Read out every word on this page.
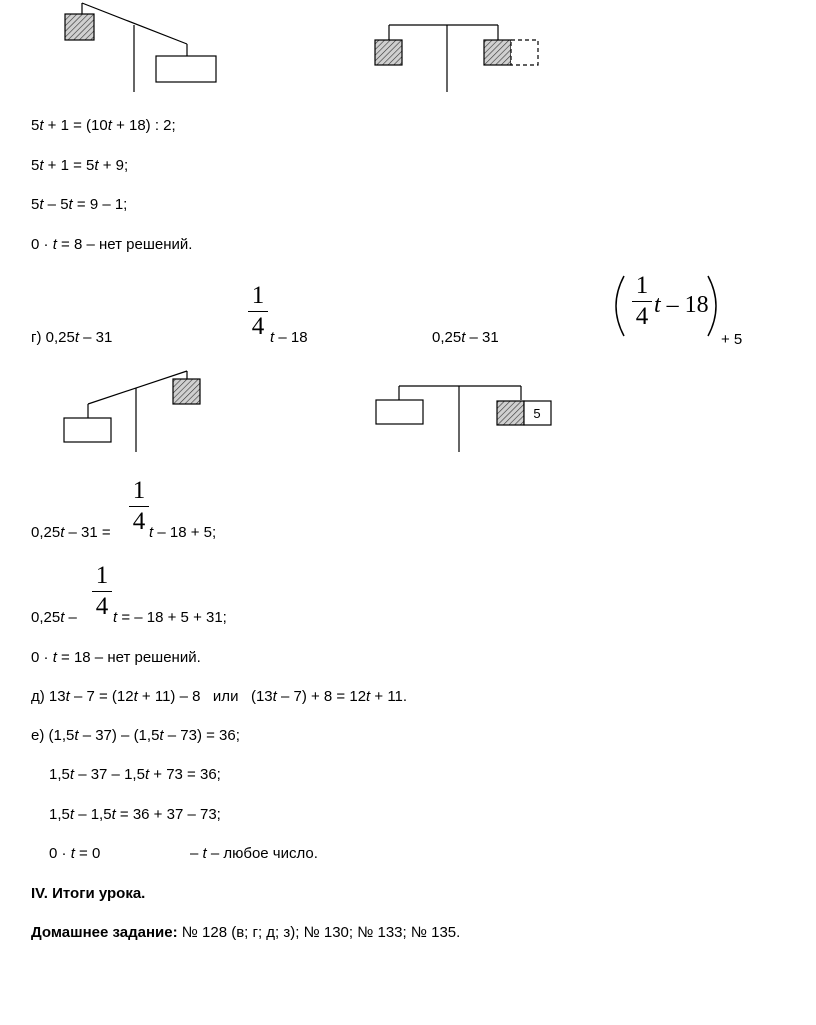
5
5t + 1 = (10t + 18) : 2;
5t + 1 = 5t + 9;
5t – 5t = 9 – 1;
0 · t = 8 – нет решений.
г) 0,25t – 31
1
4 t – 18	0,25t – 31
1
4 t – 18
+ 5
0,25t – 31 =
1
4 t – 18 + 5;
0,25t –
1
4 t = – 18 + 5 + 31;
0 · t = 18 – нет решений.
д) 13t – 7 = (12t + 11) – 8   или   (13t – 7) + 8 = 12t + 11.
е) (1,5t – 37) – (1,5t – 73) = 36;
1,5t – 37 – 1,5t + 73 = 36;
1,5t – 1,5t = 36 + 37 – 73;
0 · t = 0	– t – любое число.
IV. Итоги урока.
Домашнее задание: № 128 (в; г; д; з); № 130; № 133; № 135.
